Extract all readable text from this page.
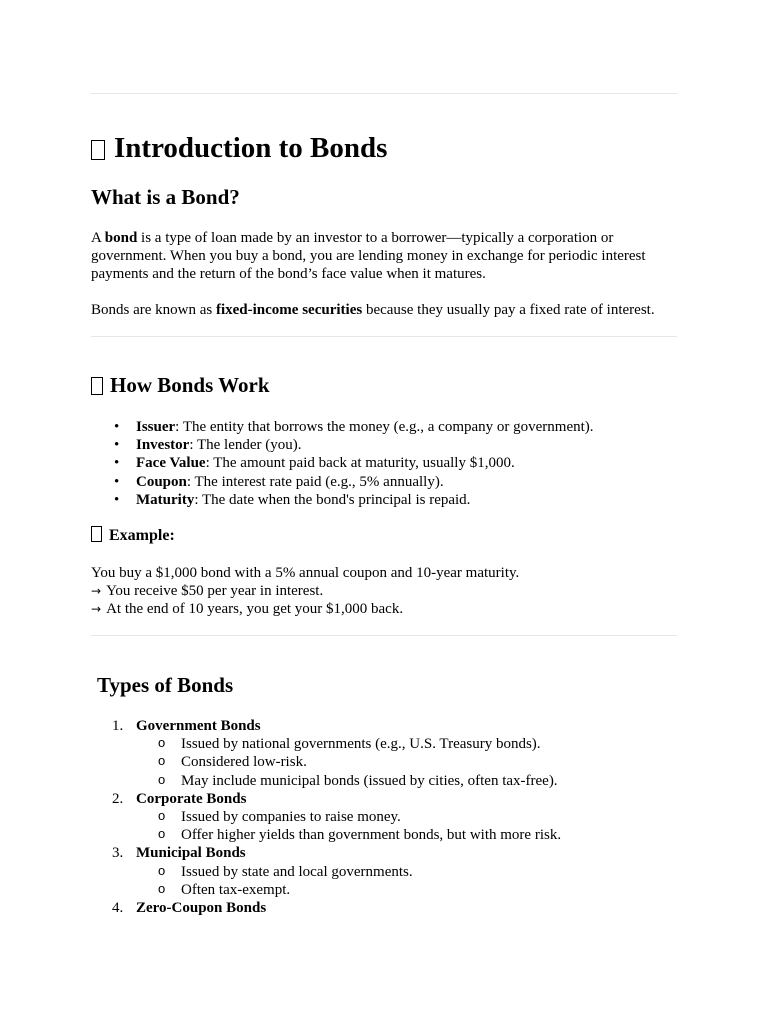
Introduction to Bonds
What is a Bond?

A bond is a type of loan made by an investor to a borrower—typically a corporation or
government. When you buy a bond, you are lending money in exchange for periodic interest
payments and the return of the bond’s face value when it matures.

Bonds are known as fixed-income securities because they usually pay a fixed rate of interest.

How Bonds Work
• Issuer: The entity that borrows the money (e.g., a company or government).
• Investor: The lender (you).
• Face Value: The amount paid back at maturity, usually $1,000.
• Coupon: The interest rate paid (e.g., 5% annually).
• Maturity: The date when the bond's principal is repaid.
Example:

You buy a $1,000 bond with a 5% annual coupon and 10-year maturity.
→ You receive $50 per year in interest.
→ At the end of 10 years, you get your $1,000 back.

Types of Bonds
1. Government Bonds
o Issued by national governments (e.g., U.S. Treasury bonds).
o Considered low-risk.
o May include municipal bonds (issued by cities, often tax-free).
2. Corporate Bonds
o Issued by companies to raise money.
o Offer higher yields than government bonds, but with more risk.
3. Municipal Bonds
o Issued by state and local governments.
o Often tax-exempt.
4. Zero-Coupon Bonds
